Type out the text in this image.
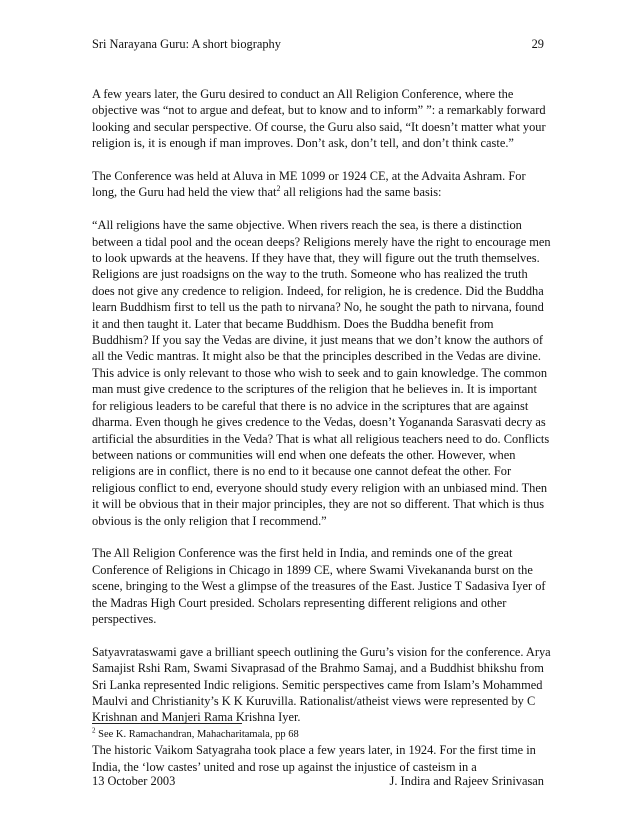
Sri Narayana Guru: A short biography	29

A few years later, the Guru desired to conduct an All Religion Conference, where the objective was “not to argue and defeat, but to know and to inform” ”: a remarkably forward looking and secular perspective. Of course, the Guru also said, “It doesn’t matter what your religion is, it is enough if man improves. Don’t ask, don’t tell, and don’t think caste.”

The Conference was held at Aluva in ME 1099 or 1924 CE, at the Advaita Ashram. For long, the Guru had held the view that$^2$ all religions had the same basis:

“All religions have the same objective. When rivers reach the sea, is there a distinction between a tidal pool and the ocean deeps? Religions merely have the right to encourage men to look upwards at the heavens. If they have that, they will figure out the truth themselves. Religions are just roadsigns on the way to the truth. Someone who has realized the truth does not give any credence to religion. Indeed, for religion, he is credence. Did the Buddha learn Buddhism first to tell us the path to nirvana? No, he sought the path to nirvana, found it and then taught it. Later that became Buddhism. Does the Buddha benefit from Buddhism? If you say the Vedas are divine, it just means that we don’t know the authors of all the Vedic mantras. It might also be that the principles described in the Vedas are divine. This advice is only relevant to those who wish to seek and to gain knowledge. The common man must give credence to the scriptures of the religion that he believes in. It is important for religious leaders to be careful that there is no advice in the scriptures that are against dharma. Even though he gives credence to the Vedas, doesn’t Yogananda Sarasvati decry as artificial the absurdities in the Veda? That is what all religious teachers need to do. Conflicts between nations or communities will end when one defeats the other. However, when religions are in conflict, there is no end to it because one cannot defeat the other. For religious conflict to end, everyone should study every religion with an unbiased mind. Then it will be obvious that in their major principles, they are not so different. That which is thus obvious is the only religion that I recommend.”

The All Religion Conference was the first held in India, and reminds one of the great Conference of Religions in Chicago in 1899 CE, where Swami Vivekananda burst on the scene, bringing to the West a glimpse of the treasures of the East. Justice T Sadasiva Iyer of the Madras High Court presided. Scholars representing different religions and other perspectives.

Satyavrataswami gave a brilliant speech outlining the Guru’s vision for the conference. Arya Samajist Rshi Ram, Swami Sivaprasad of the Brahmo Samaj, and a Buddhist bhikshu from Sri Lanka represented Indic religions. Semitic perspectives came from Islam’s Mohammed Maulvi and Christianity’s K K Kuruvilla. Rationalist/atheist views were represented by C Krishnan and Manjeri Rama Krishna Iyer.

The historic Vaikom Satyagraha took place a few years later, in 1924. For the first time in India, the ‘low castes’ united and rose up against the injustice of casteism in a

$^2$ See K. Ramachandran, Mahacharitamala, pp 68
13 October 2003	J. Indira and Rajeev Srinivasan
